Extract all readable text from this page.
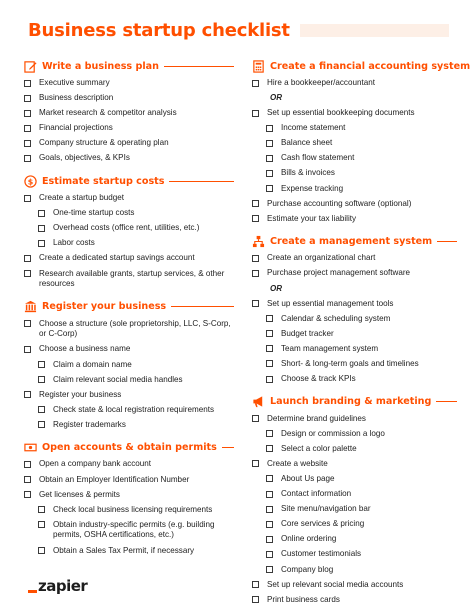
Business startup checklist
Write a business plan
Executive summary
Business description
Market research & competitor analysis
Financial projections
Company structure & operating plan
Goals, objectives, & KPIs
$ Estimate startup costs
Create a startup budget
One-time startup costs
Overhead costs (office rent, utilities, etc.)
Labor costs
Create a dedicated startup savings account
Research available grants, startup services, & other resources
Register your business
Choose a structure (sole proprietorship, LLC, S-Corp, or C-Corp)
Choose a business name
Claim a domain name
Claim relevant social media handles
Register your business
Check state & local registration requirements
Register trademarks
Open accounts & obtain permits
Open a company bank account
Obtain an Employer Identification Number
Get licenses & permits
Check local business licensing requirements
Obtain industry-specific permits (e.g. building permits, OSHA certifications, etc.)
Obtain a Sales Tax Permit, if necessary
Create a financial accounting system
Hire a bookkeeper/accountant
OR
Set up essential bookkeeping documents
Income statement
Balance sheet
Cash flow statement
Bills & invoices
Expense tracking
Purchase accounting software (optional)
Estimate your tax liability
Create a management system
Create an organizational chart
Purchase project management software
OR
Set up essential management tools
Calendar & scheduling system
Budget tracker
Team management system
Short- & long-term goals and timelines
Choose & track KPIs
Launch branding & marketing
Determine brand guidelines
Design or commission a logo
Select a color palette
Create a website
About Us page
Contact information
Site menu/navigation bar
Core services & pricing
Online ordering
Customer testimonials
Company blog
Set up relevant social media accounts
Print business cards
zapier
